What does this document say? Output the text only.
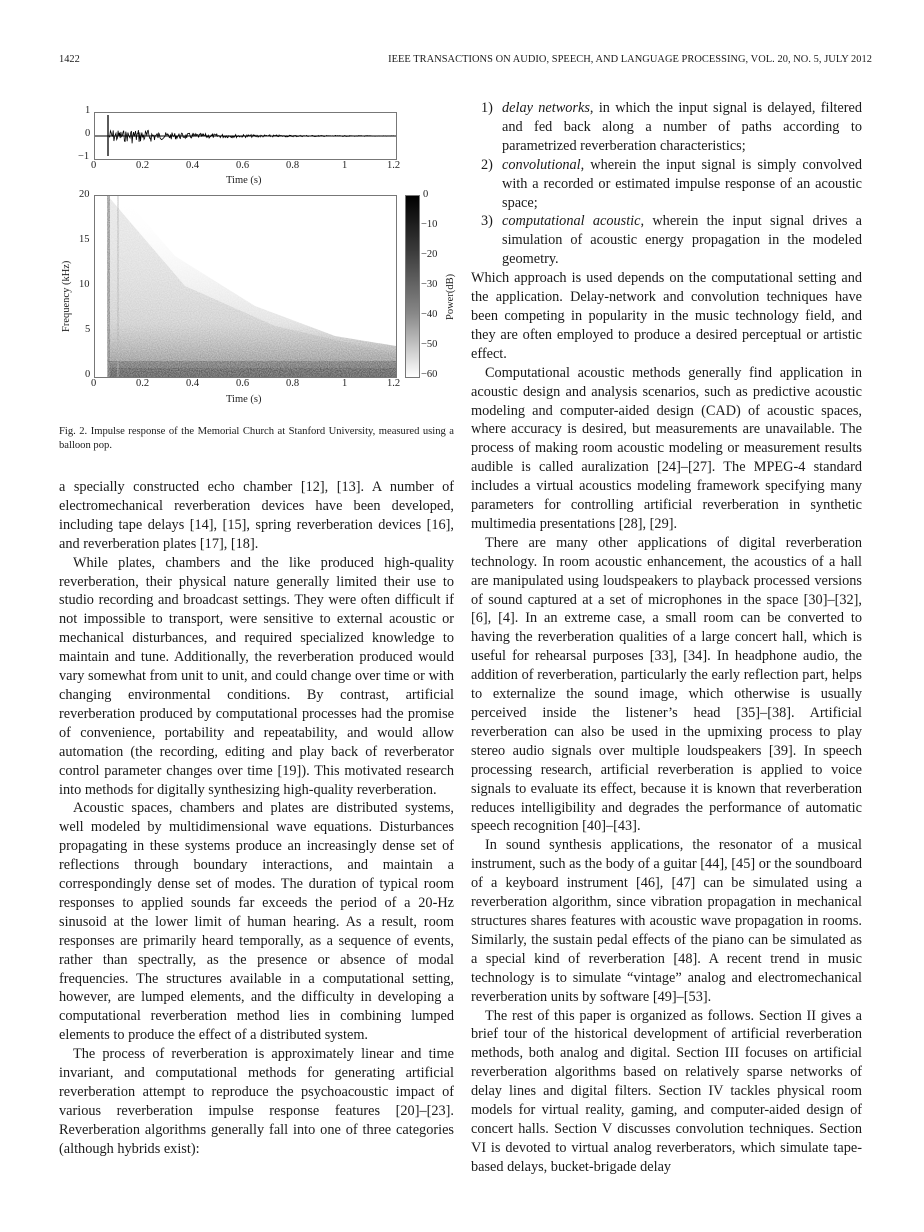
1422	IEEE TRANSACTIONS ON AUDIO, SPEECH, AND LANGUAGE PROCESSING, VOL. 20, NO. 5, JULY 2012
1
0
−1
0	0.2	0.4	0.6	0.8	1	1.2
Time (s)
20
15
10
5
0
Frequency (kHz)
0	0.2	0.4	0.6	0.8	1	1.2
Time (s)
0
−10
−20
−30
−40
−50
−60
Power(dB)
Fig. 2. Impulse response of the Memorial Church at Stanford University, measured using a balloon pop.

a specially constructed echo chamber [12], [13]. A number of electromechanical reverberation devices have been developed, including tape delays [14], [15], spring reverberation devices [16], and reverberation plates [17], [18].

While plates, chambers and the like produced high-quality reverberation, their physical nature generally limited their use to studio recording and broadcast settings. They were often difficult if not impossible to transport, were sensitive to external acoustic or mechanical disturbances, and required specialized knowledge to maintain and tune. Additionally, the reverberation produced would vary somewhat from unit to unit, and could change over time or with changing environmental conditions. By contrast, artificial reverberation produced by computational processes had the promise of convenience, portability and repeatability, and would allow automation (the recording, editing and play back of reverberator control parameter changes over time [19]). This motivated research into methods for digitally synthesizing high-quality reverberation.

Acoustic spaces, chambers and plates are distributed systems, well modeled by multidimensional wave equations. Disturbances propagating in these systems produce an increasingly dense set of reflections through boundary interactions, and maintain a correspondingly dense set of modes. The duration of typical room responses to applied sounds far exceeds the period of a 20-Hz sinusoid at the lower limit of human hearing. As a result, room responses are primarily heard temporally, as a sequence of events, rather than spectrally, as the presence or absence of modal frequencies. The structures available in a computational setting, however, are lumped elements, and the difficulty in developing a computational reverberation method lies in combining lumped elements to produce the effect of a distributed system.

The process of reverberation is approximately linear and time invariant, and computational methods for generating artificial reverberation attempt to reproduce the psychoacoustic impact of various reverberation impulse response features [20]–[23]. Reverberation algorithms generally fall into one of three categories (although hybrids exist):

1) delay networks, in which the input signal is delayed, filtered and fed back along a number of paths according to parametrized reverberation characteristics;
2) convolutional, wherein the input signal is simply convolved with a recorded or estimated impulse response of an acoustic space;
3) computational acoustic, wherein the input signal drives a simulation of acoustic energy propagation in the modeled geometry.

Which approach is used depends on the computational setting and the application. Delay-network and convolution techniques have been competing in popularity in the music technology field, and they are often employed to produce a desired perceptual or artistic effect.

Computational acoustic methods generally find application in acoustic design and analysis scenarios, such as predictive acoustic modeling and computer-aided design (CAD) of acoustic spaces, where accuracy is desired, but measurements are unavailable. The process of making room acoustic modeling or measurement results audible is called auralization [24]–[27]. The MPEG-4 standard includes a virtual acoustics modeling framework specifying many parameters for controlling artificial reverberation in synthetic multimedia presentations [28], [29].

There are many other applications of digital reverberation technology. In room acoustic enhancement, the acoustics of a hall are manipulated using loudspeakers to playback processed versions of sound captured at a set of microphones in the space [30]–[32], [6], [4]. In an extreme case, a small room can be converted to having the reverberation qualities of a large concert hall, which is useful for rehearsal purposes [33], [34]. In headphone audio, the addition of reverberation, particularly the early reflection part, helps to externalize the sound image, which otherwise is usually perceived inside the listener’s head [35]–[38]. Artificial reverberation can also be used in the upmixing process to play stereo audio signals over multiple loudspeakers [39]. In speech processing research, artificial reverberation is applied to voice signals to evaluate its effect, because it is known that reverberation reduces intelligibility and degrades the performance of automatic speech recognition [40]–[43].

In sound synthesis applications, the resonator of a musical instrument, such as the body of a guitar [44], [45] or the soundboard of a keyboard instrument [46], [47] can be simulated using a reverberation algorithm, since vibration propagation in mechanical structures shares features with acoustic wave propagation in rooms. Similarly, the sustain pedal effects of the piano can be simulated as a special kind of reverberation [48]. A recent trend in music technology is to simulate “vintage” analog and electromechanical reverberation units by software [49]–[53].

The rest of this paper is organized as follows. Section II gives a brief tour of the historical development of artificial reverberation methods, both analog and digital. Section III focuses on artificial reverberation algorithms based on relatively sparse networks of delay lines and digital filters. Section IV tackles physical room models for virtual reality, gaming, and computer-aided design of concert halls. Section V discusses convolution techniques. Section VI is devoted to virtual analog reverberators, which simulate tape-based delays, bucket-brigade delay
